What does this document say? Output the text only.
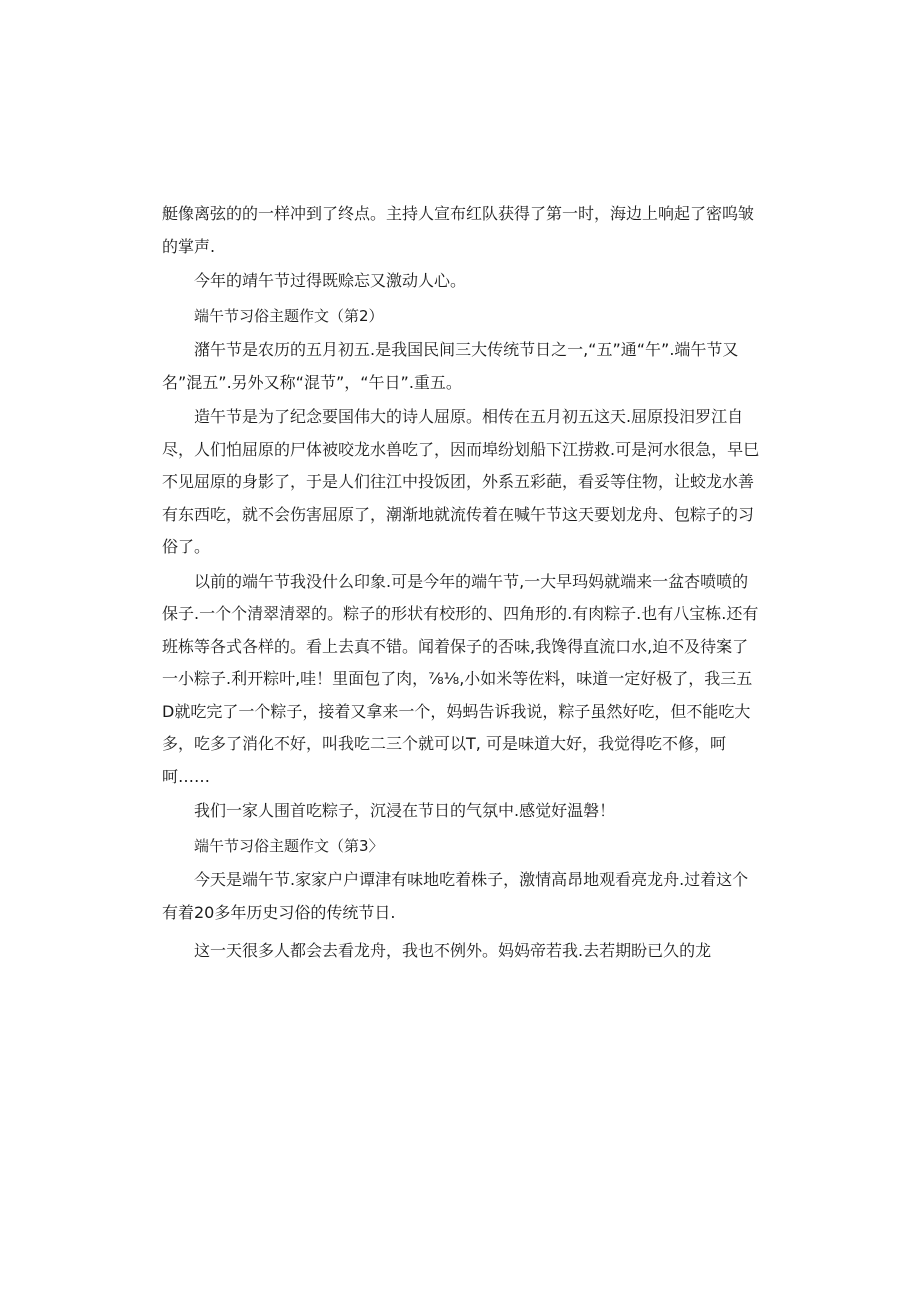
艇像离弦的的一样冲到了终点。主持人宣布红队获得了第一时，海边上响起了密呜皱的掌声.

今年的靖午节过得既赊忘又激动人心。

端午节习俗主题作文（第2）

潴午节是农历的五月初五.是我国民间三大传统节日之一,“五”通“午”.端午节又名”混五”.另外又称“混节”，“午日”.重五。

造午节是为了纪念要国伟大的诗人屈原。相传在五月初五这天.屈原投汨罗江自尽，人们怕屈原的尸体被咬龙水兽吃了，因而埠纷划船下江捞救.可是河水很急，早巳不见屈原的身影了，于是人们往江中投饭团，外系五彩葩，看妥等住物，让蛟龙水善有东西吃，就不会伤害屈原了，潮渐地就流传着在喊午节这天要划龙舟、包粽子的习俗了。

以前的端午节我没什么印象.可是今年的端午节,一大早玛妈就端来一盆杏喷喷的保子.一个个清翠清翠的。粽子的形状有校形的、四角形的.有肉粽子.也有八宝栋.还有班栋等各式各样的。看上去真不错。闻着保子的否味,我馋得直流口水,迫不及待案了一小粽子.利开粽叶,哇！里面包了肉，⅞⅛,小如米等佐料，味道一定好极了，我三五D就吃完了一个粽子，接着又拿来一个，妈蚂告诉我说，粽子虽然好吃，但不能吃大多，吃多了消化不好，叫我吃二三个就可以T, 可是味道大好，我觉得吃不修，呵呵……

我们一家人围首吃粽子，沉浸在节日的气氛中.感觉好温磐！

端午节习俗主题作文（第3〉

今天是端午节.家家户户谭津有味地吃着株子，激情高昂地观看亮龙舟.过着这个有着20多年历史习俗的传统节日.

这一天很多人都会去看龙舟，我也不例外。妈妈帝若我.去若期盼已久的龙
